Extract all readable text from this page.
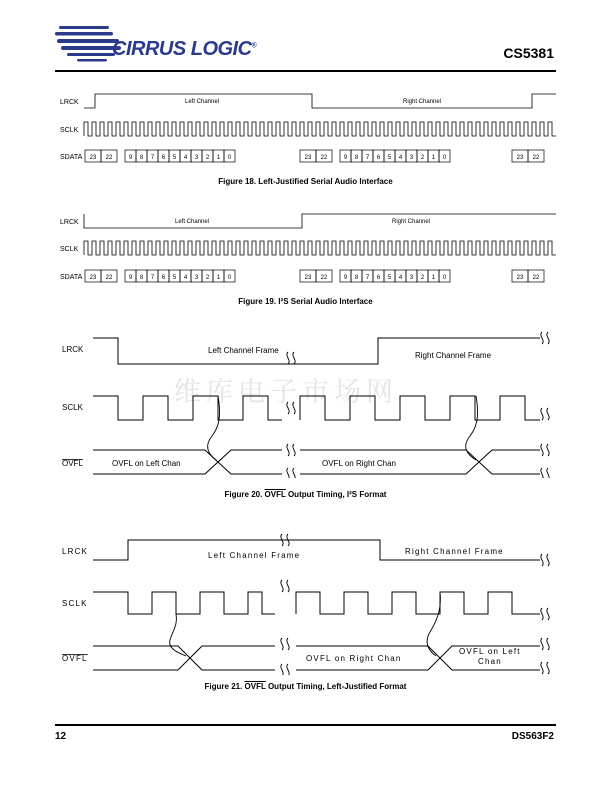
CIRRUS LOGIC®	CS5381
维库电子市场网
LRCK
SCLK
SDATA
Left Channel	Right Channel
23 22	9 8 7 6 5 4 3 2 1 0	23 22	9 8 7 6 5 4 3 2 1 0	23 22
Figure 18. Left-Justified Serial Audio Interface
LRCK
SCLK
SDATA
Left Channel	Right Channel
23 22	9 8 7 6 5 4 3 2 1 0	23 22	9 8 7 6 5 4 3 2 1 0	23 22
Figure 19. I²S Serial Audio Interface
LRCK
SCLK
OVFL
Left Channel Frame
Right Channel Frame
OVFL on Left Chan	OVFL on Right Chan
Figure 20. OVFL Output Timing, I²S Format
LRCK
SCLK
OVFL
Left Channel Frame	Right Channel Frame
OVFL on Right Chan
OVFL on Left
Chan
Figure 21. OVFL Output Timing, Left-Justified Format
12	DS563F2
